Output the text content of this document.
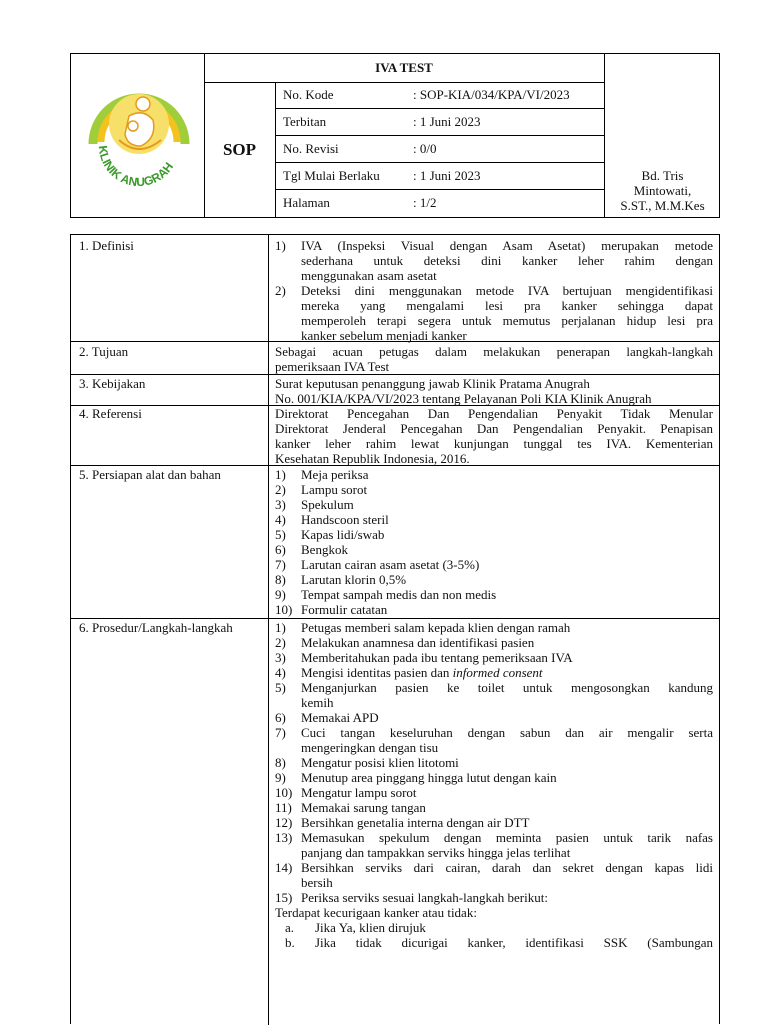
KLINIK ANUGRAH
IVA TEST
SOP
No. Kode	: SOP-KIA/034/KPA/VI/2023
Terbitan	: 1 Juni 2023
No. Revisi	: 0/0
Tgl Mulai Berlaku	: 1 Juni 2023
Halaman	: 1/2
Bd. Tris
Mintowati,
S.ST., M.M.Kes
1. Definisi	1)	IVA (Inspeksi Visual dengan Asam Asetat) merupakan metode
sederhana untuk deteksi dini kanker leher rahim dengan
menggunakan asam asetat
2)	Deteksi dini menggunakan metode IVA bertujuan mengidentifikasi
mereka yang mengalami lesi pra kanker sehingga dapat
memperoleh terapi segera untuk memutus perjalanan hidup lesi pra
kanker sebelum menjadi kanker
2. Tujuan	Sebagai acuan petugas dalam melakukan penerapan langkah-langkah
pemeriksaan IVA Test
3. Kebijakan	Surat keputusan penanggung jawab Klinik Pratama Anugrah
No. 001/KIA/KPA/VI/2023 tentang Pelayanan Poli KIA Klinik Anugrah
4. Referensi	Direktorat Pencegahan Dan Pengendalian Penyakit Tidak Menular
Direktorat Jenderal Pencegahan Dan Pengendalian Penyakit. Penapisan
kanker leher rahim lewat kunjungan tunggal tes IVA. Kementerian
Kesehatan Republik Indonesia, 2016.
5. Persiapan alat dan bahan	1)	Meja periksa
2)	Lampu sorot
3)	Spekulum
4)	Handscoon steril
5)	Kapas lidi/swab
6)	Bengkok
7)	Larutan cairan asam asetat (3-5%)
8)	Larutan klorin 0,5%
9)	Tempat sampah medis dan non medis
10) Formulir catatan
6. Prosedur/Langkah-langkah	1)	Petugas memberi salam kepada klien dengan ramah
2)	Melakukan anamnesa dan identifikasi pasien
3)	Memberitahukan pada ibu tentang pemeriksaan IVA
4)	Mengisi identitas pasien dan informed consent
5)	Menganjurkan pasien ke toilet untuk mengosongkan kandung
kemih
6)	Memakai APD
7)	Cuci tangan keseluruhan dengan sabun dan air mengalir serta
mengeringkan dengan tisu
8)	Mengatur posisi klien litotomi
9)	Menutup area pinggang hingga lutut dengan kain
10) Mengatur lampu sorot
11) Memakai sarung tangan
12) Bersihkan genetalia interna dengan air DTT
13) Memasukan spekulum dengan meminta pasien untuk tarik nafas
panjang dan tampakkan serviks hingga jelas terlihat
14) Bersihkan serviks dari cairan, darah dan sekret dengan kapas lidi
bersih
15) Periksa serviks sesuai langkah-langkah berikut:
Terdapat kecurigaan kanker atau tidak:
a.	Jika Ya, klien dirujuk
b.	Jika tidak dicurigai kanker, identifikasi SSK (Sambungan
